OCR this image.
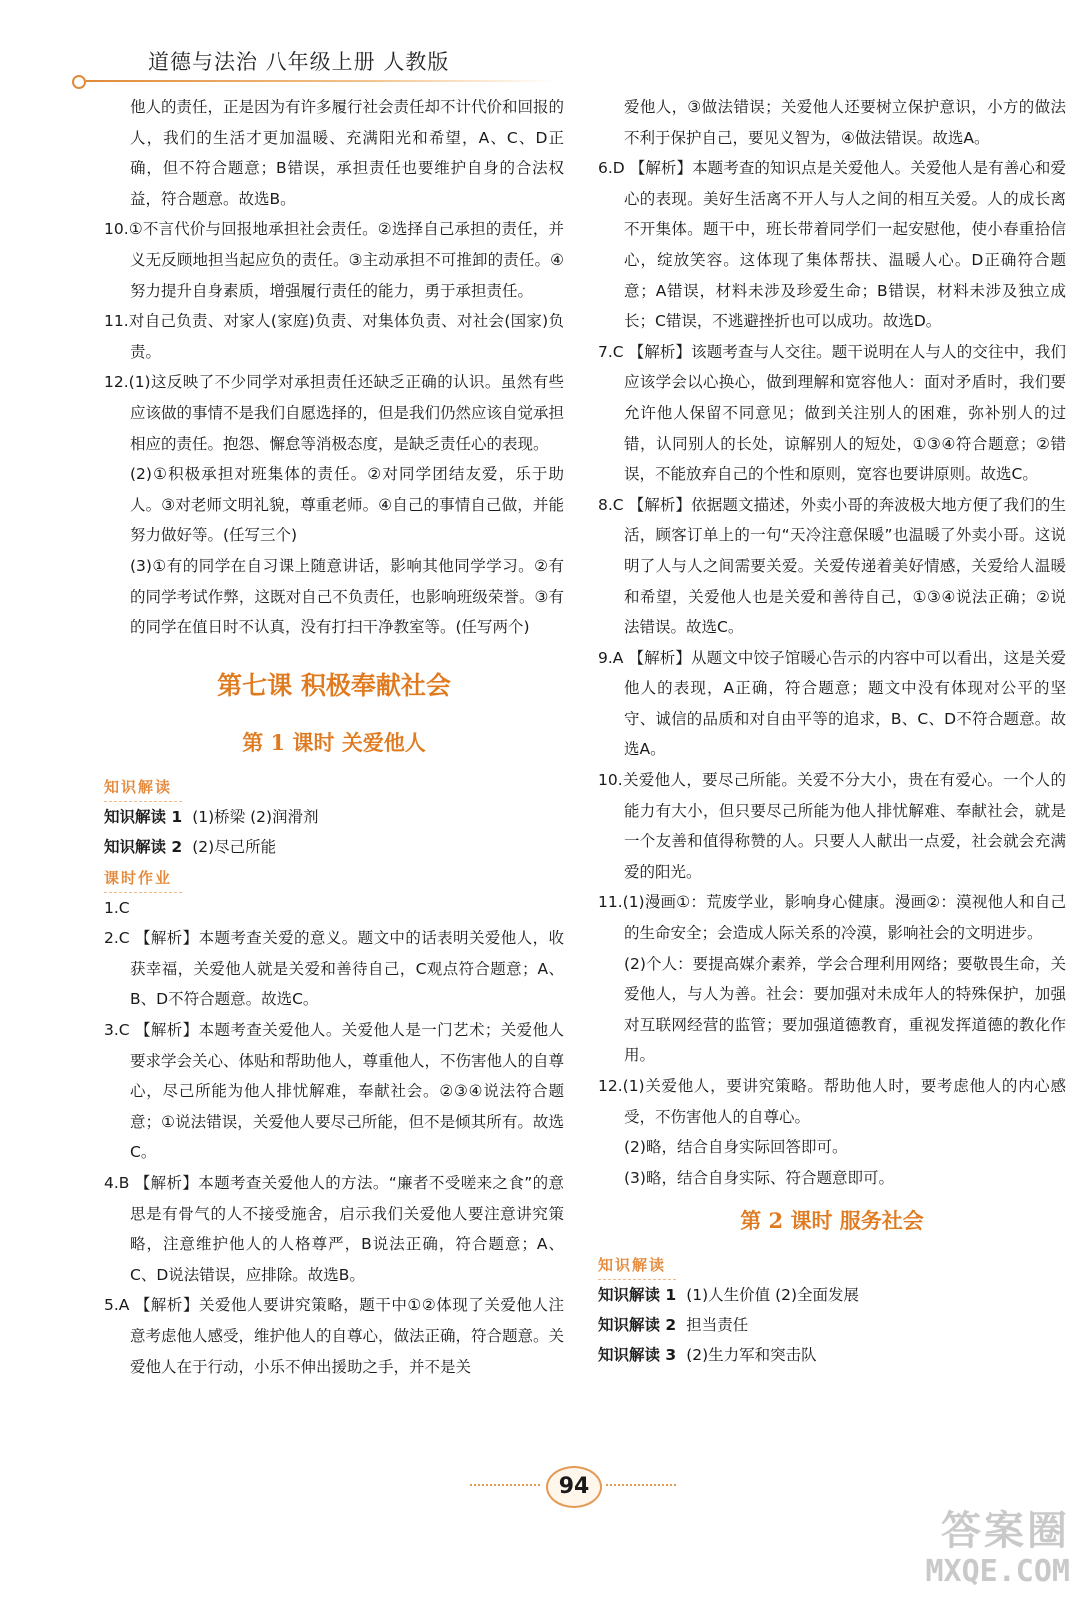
道德与法治 八年级上册 人教版

他人的责任，正是因为有许多履行社会责任却不计代价和回报的人，我们的生活才更加温暖、充满阳光和希望，A、C、D正确，但不符合题意；B错误，承担责任也要维护自身的合法权益，符合题意。故选B。

10.①不言代价与回报地承担社会责任。②选择自己承担的责任，并义无反顾地担当起应负的责任。③主动承担不可推卸的责任。④努力提升自身素质，增强履行责任的能力，勇于承担责任。

11.对自己负责、对家人(家庭)负责、对集体负责、对社会(国家)负责。

12.(1)这反映了不少同学对承担责任还缺乏正确的认识。虽然有些应该做的事情不是我们自愿选择的，但是我们仍然应该自觉承担相应的责任。抱怨、懈怠等消极态度，是缺乏责任心的表现。

(2)①积极承担对班集体的责任。②对同学团结友爱，乐于助人。③对老师文明礼貌，尊重老师。④自己的事情自己做，并能努力做好等。(任写三个)

(3)①有的同学在自习课上随意讲话，影响其他同学学习。②有的同学考试作弊，这既对自己不负责任，也影响班级荣誉。③有的同学在值日时不认真，没有打扫干净教室等。(任写两个)

第七课 积极奉献社会
第 1 课时 关爱他人
知识解读

知识解读 1 (1)桥梁 (2)润滑剂

知识解读 2 (2)尽己所能

课时作业

1.C

2.C 【解析】本题考查关爱的意义。题文中的话表明关爱他人，收获幸福，关爱他人就是关爱和善待自己，C观点符合题意；A、B、D不符合题意。故选C。

3.C 【解析】本题考查关爱他人。关爱他人是一门艺术；关爱他人要求学会关心、体贴和帮助他人，尊重他人，不伤害他人的自尊心，尽己所能为他人排忧解难，奉献社会。②③④说法符合题意；①说法错误，关爱他人要尽己所能，但不是倾其所有。故选C。

4.B 【解析】本题考查关爱他人的方法。“廉者不受嗟来之食”的意思是有骨气的人不接受施舍，启示我们关爱他人要注意讲究策略，注意维护他人的人格尊严，B说法正确，符合题意；A、C、D说法错误，应排除。故选B。

5.A 【解析】关爱他人要讲究策略，题干中①②体现了关爱他人注意考虑他人感受，维护他人的自尊心，做法正确，符合题意。关爱他人在于行动，小乐不伸出援助之手，并不是关

爱他人，③做法错误；关爱他人还要树立保护意识，小方的做法不利于保护自己，要见义智为，④做法错误。故选A。

6.D 【解析】本题考查的知识点是关爱他人。关爱他人是有善心和爱心的表现。美好生活离不开人与人之间的相互关爱。人的成长离不开集体。题干中，班长带着同学们一起安慰他，使小春重拾信心，绽放笑容。这体现了集体帮扶、温暖人心。D正确符合题意；A错误，材料未涉及珍爱生命；B错误，材料未涉及独立成长；C错误，不逃避挫折也可以成功。故选D。

7.C 【解析】该题考查与人交往。题干说明在人与人的交往中，我们应该学会以心换心，做到理解和宽容他人：面对矛盾时，我们要允许他人保留不同意见；做到关注别人的困难，弥补别人的过错，认同别人的长处，谅解别人的短处，①③④符合题意；②错误，不能放弃自己的个性和原则，宽容也要讲原则。故选C。

8.C 【解析】依据题文描述，外卖小哥的奔波极大地方便了我们的生活，顾客订单上的一句“天冷注意保暖”也温暖了外卖小哥。这说明了人与人之间需要关爱。关爱传递着美好情感，关爱给人温暖和希望，关爱他人也是关爱和善待自己，①③④说法正确；②说法错误。故选C。

9.A 【解析】从题文中饺子馆暖心告示的内容中可以看出，这是关爱他人的表现，A正确，符合题意；题文中没有体现对公平的坚守、诚信的品质和对自由平等的追求，B、C、D不符合题意。故选A。

10.关爱他人，要尽己所能。关爱不分大小，贵在有爱心。一个人的能力有大小，但只要尽己所能为他人排忧解难、奉献社会，就是一个友善和值得称赞的人。只要人人献出一点爱，社会就会充满爱的阳光。

11.(1)漫画①：荒废学业，影响身心健康。漫画②：漠视他人和自己的生命安全；会造成人际关系的冷漠，影响社会的文明进步。

(2)个人：要提高媒介素养，学会合理利用网络；要敬畏生命，关爱他人，与人为善。社会：要加强对未成年人的特殊保护，加强对互联网经营的监管；要加强道德教育，重视发挥道德的教化作用。

12.(1)关爱他人，要讲究策略。帮助他人时，要考虑他人的内心感受，不伤害他人的自尊心。

(2)略，结合自身实际回答即可。

(3)略，结合自身实际、符合题意即可。

第 2 课时 服务社会
知识解读

知识解读 1 (1)人生价值 (2)全面发展

知识解读 2 担当责任

知识解读 3 (2)生力军和突击队

94
答案圈
MXQE.COM
